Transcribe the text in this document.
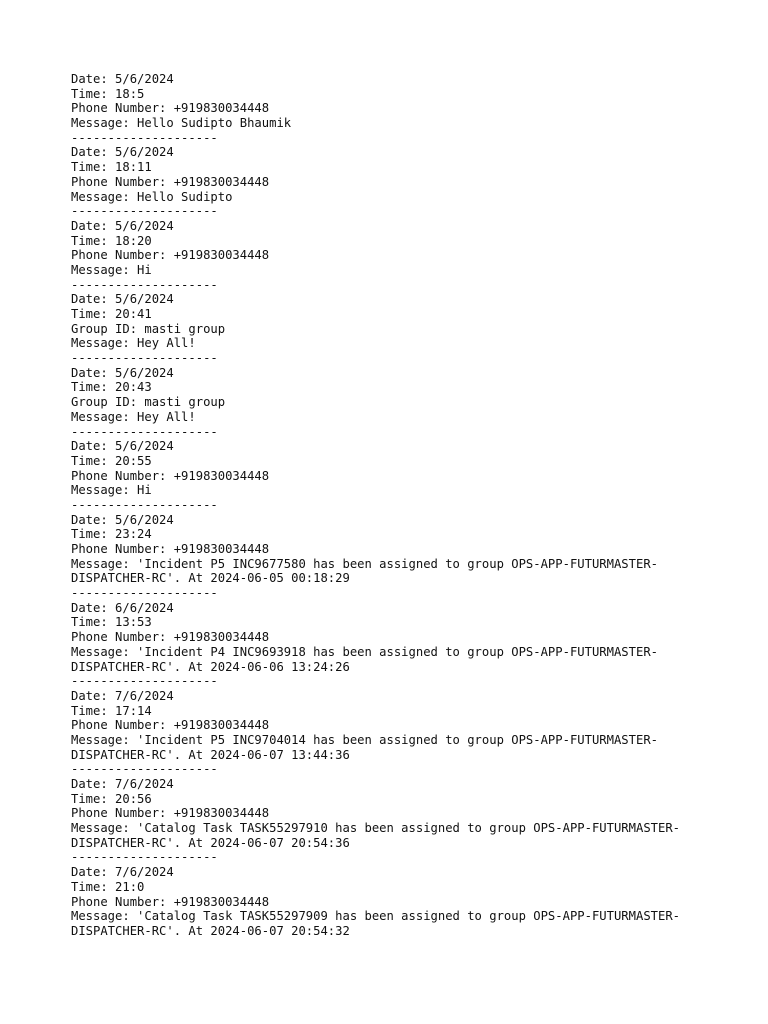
Date: 5/6/2024
Time: 18:5
Phone Number: +919830034448
Message: Hello Sudipto Bhaumik
--------------------
Date: 5/6/2024
Time: 18:11
Phone Number: +919830034448
Message: Hello Sudipto
--------------------
Date: 5/6/2024
Time: 18:20
Phone Number: +919830034448
Message: Hi
--------------------
Date: 5/6/2024
Time: 20:41
Group ID: masti group
Message: Hey All!
--------------------
Date: 5/6/2024
Time: 20:43
Group ID: masti group
Message: Hey All!
--------------------
Date: 5/6/2024
Time: 20:55
Phone Number: +919830034448
Message: Hi
--------------------
Date: 5/6/2024
Time: 23:24
Phone Number: +919830034448
Message: 'Incident P5 INC9677580 has been assigned to group OPS-APP-FUTURMASTER-
DISPATCHER-RC'. At 2024-06-05 00:18:29
--------------------
Date: 6/6/2024
Time: 13:53
Phone Number: +919830034448
Message: 'Incident P4 INC9693918 has been assigned to group OPS-APP-FUTURMASTER-
DISPATCHER-RC'. At 2024-06-06 13:24:26
--------------------
Date: 7/6/2024
Time: 17:14
Phone Number: +919830034448
Message: 'Incident P5 INC9704014 has been assigned to group OPS-APP-FUTURMASTER-
DISPATCHER-RC'. At 2024-06-07 13:44:36
--------------------
Date: 7/6/2024
Time: 20:56
Phone Number: +919830034448
Message: 'Catalog Task TASK55297910 has been assigned to group OPS-APP-FUTURMASTER-
DISPATCHER-RC'. At 2024-06-07 20:54:36
--------------------
Date: 7/6/2024
Time: 21:0
Phone Number: +919830034448
Message: 'Catalog Task TASK55297909 has been assigned to group OPS-APP-FUTURMASTER-
DISPATCHER-RC'. At 2024-06-07 20:54:32
